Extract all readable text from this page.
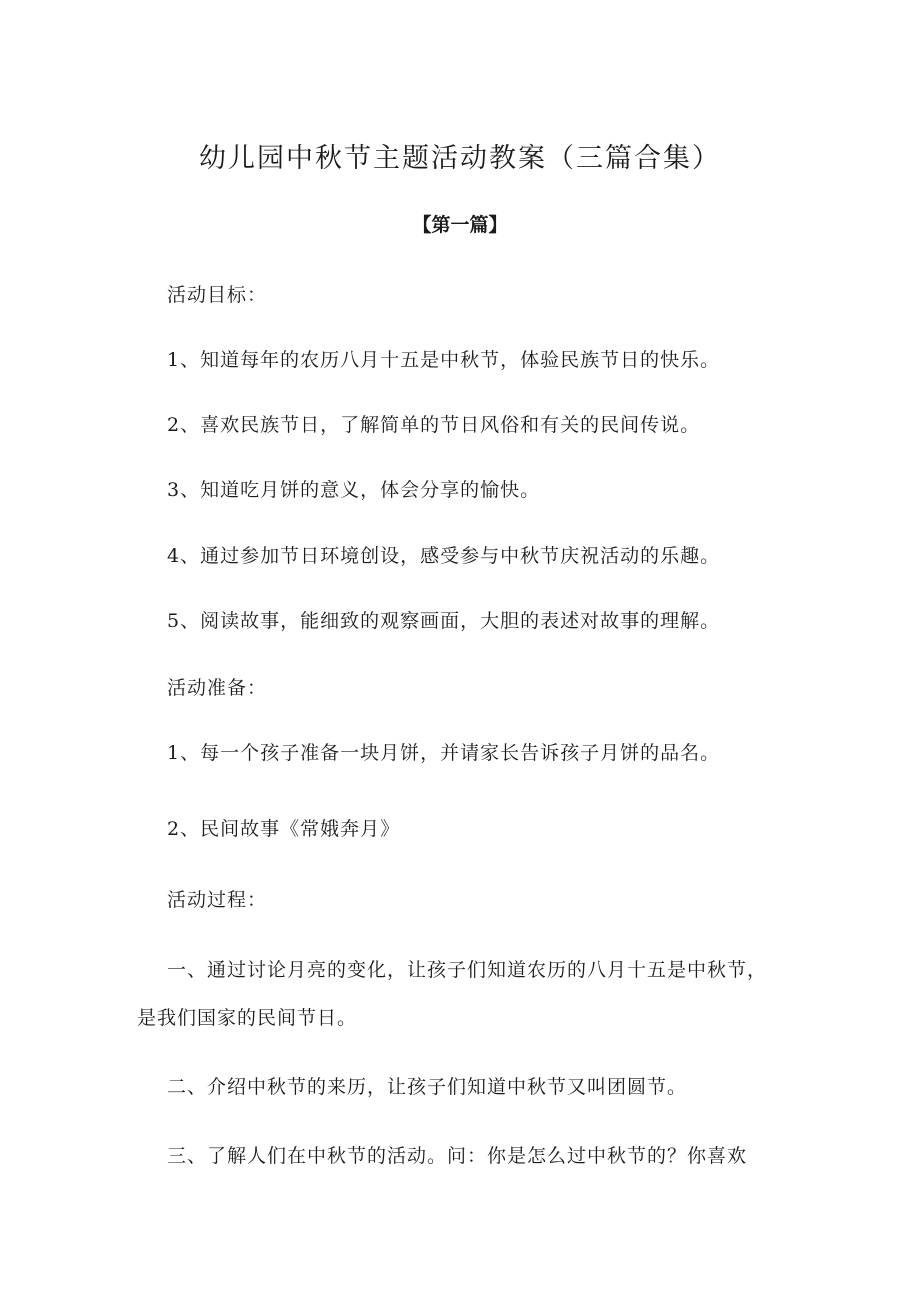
幼儿园中秋节主题活动教案（三篇合集）
【第一篇】

活动目标：

1、知道每年的农历八月十五是中秋节，体验民族节日的快乐。

2、喜欢民族节日，了解简单的节日风俗和有关的民间传说。

3、知道吃月饼的意义，体会分享的愉快。

4、通过参加节日环境创设，感受参与中秋节庆祝活动的乐趣。

5、阅读故事，能细致的观察画面，大胆的表述对故事的理解。

活动准备：

1、每一个孩子准备一块月饼，并请家长告诉孩子月饼的品名。

2、民间故事《常娥奔月》

活动过程：

一、通过讨论月亮的变化，让孩子们知道农历的八月十五是中秋节，

是我们国家的民间节日。

二、介绍中秋节的来历，让孩子们知道中秋节又叫团圆节。

三、了解人们在中秋节的活动。问：你是怎么过中秋节的？你喜欢
